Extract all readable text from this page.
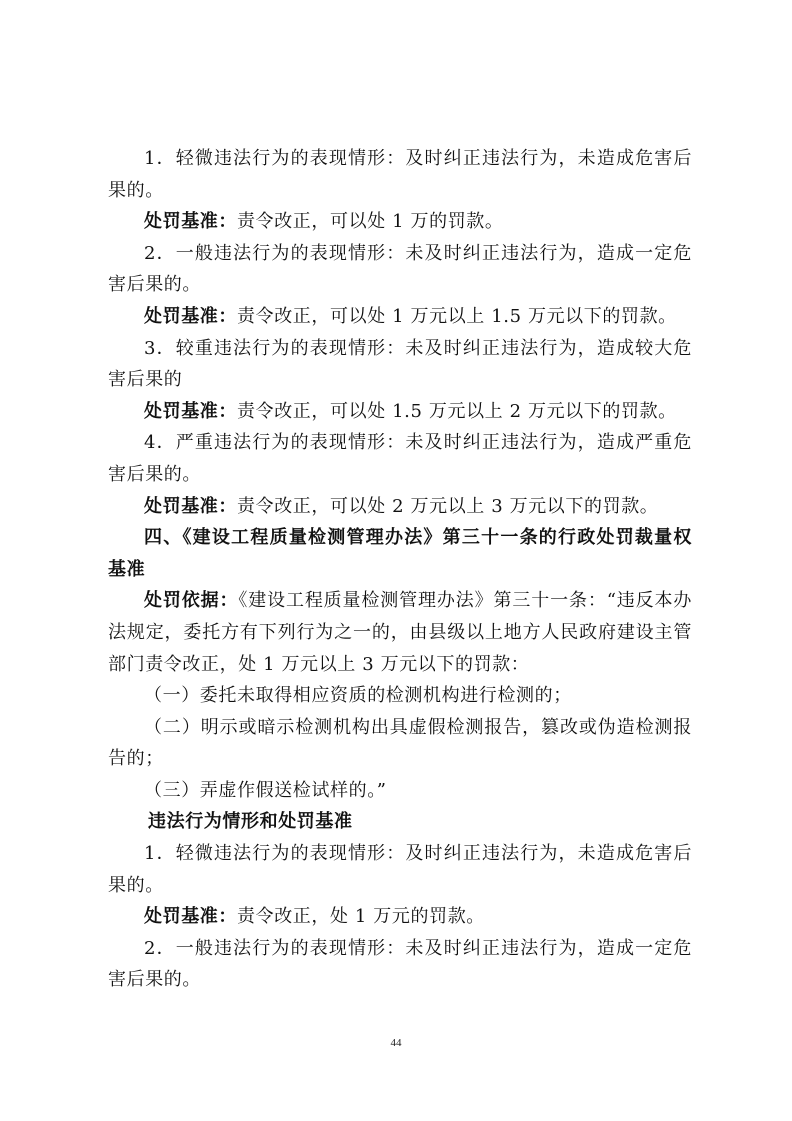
1．轻微违法行为的表现情形：及时纠正违法行为，未造成危害后果的。

处罚基准：责令改正，可以处 1 万的罚款。

2．一般违法行为的表现情形：未及时纠正违法行为，造成一定危害后果的。

处罚基准：责令改正，可以处 1 万元以上 1.5 万元以下的罚款。

3．较重违法行为的表现情形：未及时纠正违法行为，造成较大危害后果的

处罚基准：责令改正，可以处 1.5 万元以上 2 万元以下的罚款。

4．严重违法行为的表现情形：未及时纠正违法行为，造成严重危害后果的。

处罚基准：责令改正，可以处 2 万元以上 3 万元以下的罚款。

四、《建设工程质量检测管理办法》第三十一条的行政处罚裁量权基准

处罚依据：《建设工程质量检测管理办法》第三十一条：“违反本办法规定，委托方有下列行为之一的，由县级以上地方人民政府建设主管部门责令改正，处 1 万元以上 3 万元以下的罚款：

（一）委托未取得相应资质的检测机构进行检测的；

（二）明示或暗示检测机构出具虚假检测报告，篡改或伪造检测报告的；

（三）弄虚作假送检试样的。”

违法行为情形和处罚基准

1．轻微违法行为的表现情形：及时纠正违法行为，未造成危害后果的。

处罚基准：责令改正，处 1 万元的罚款。

2．一般违法行为的表现情形：未及时纠正违法行为，造成一定危害后果的。

44
